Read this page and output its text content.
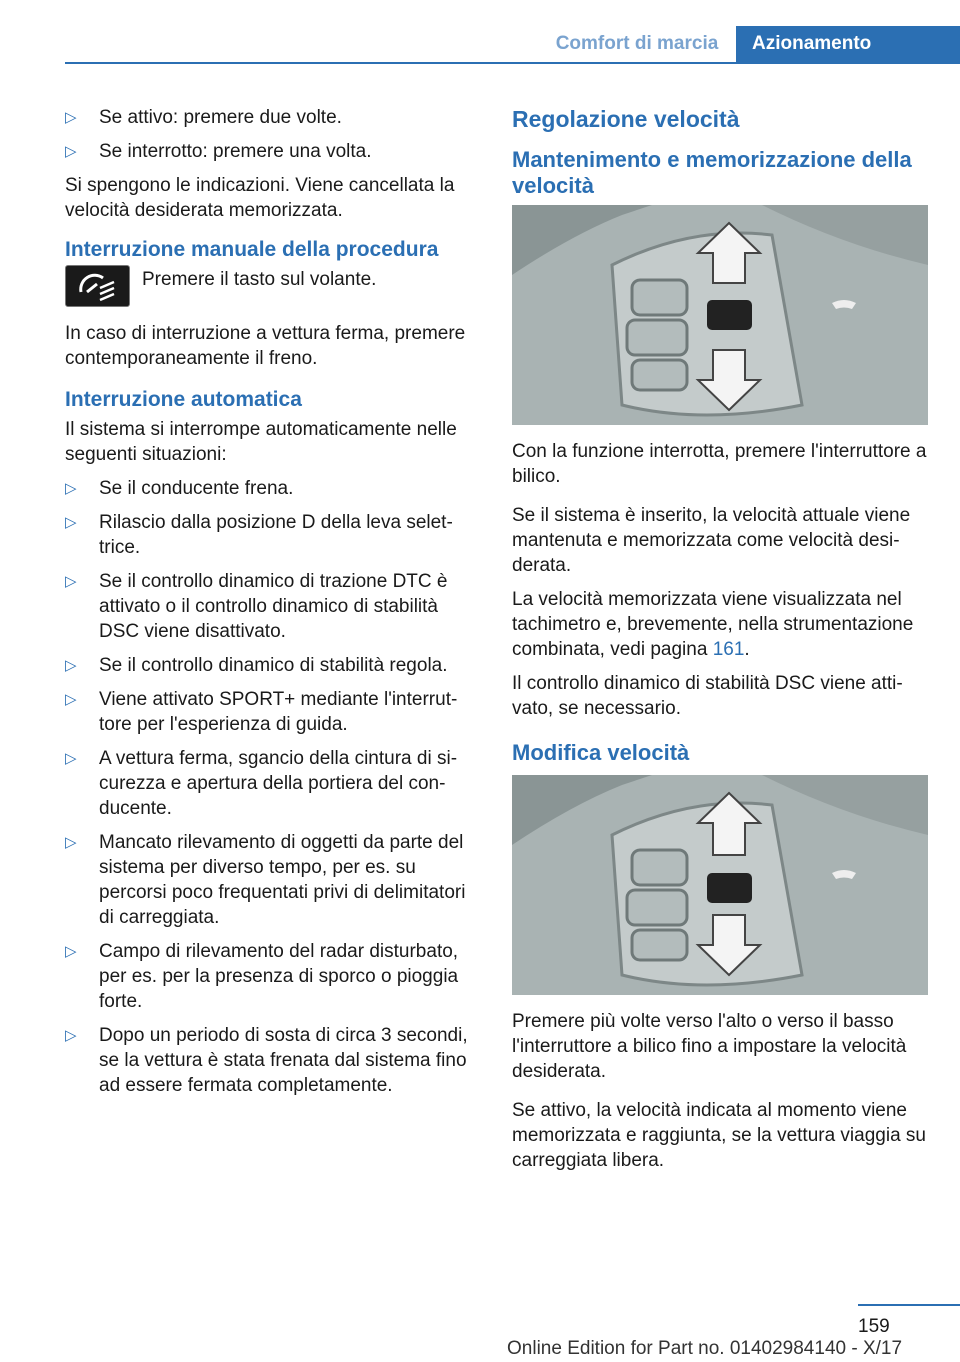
Comfort di marcia	Azionamento
▷ Se attivo: premere due volte.
▷ Se interrotto: premere una volta.

Si spengono le indicazioni. Viene cancellata la velocità desiderata memorizzata.

Interruzione manuale della procedura
Premere il tasto sul volante.

In caso di interruzione a vettura ferma, premere contemporaneamente il freno.

Interruzione automatica

Il sistema si interrompe automaticamente nelle seguenti situazioni:

▷ Se il conducente frena.
▷ Rilascio dalla posizione D della leva selettrice.
▷ Se il controllo dinamico di trazione DTC è attivato o il controllo dinamico di stabilità DSC viene disattivato.
▷ Se il controllo dinamico di stabilità regola.
▷ Viene attivato SPORT+ mediante l'interruttore per l'esperienza di guida.
▷ A vettura ferma, sgancio della cintura di sicurezza e apertura della portiera del conducente.
▷ Mancato rilevamento di oggetti da parte del sistema per diverso tempo, per es. su percorsi poco frequentati privi di delimitatori di carreggiata.
▷ Campo di rilevamento del radar disturbato, per es. per la presenza di sporco o pioggia forte.
▷ Dopo un periodo di sosta di circa 3 secondi, se la vettura è stata frenata dal sistema fino ad essere fermata completamente.
Regolazione velocità
Mantenimento e memorizzazione della velocità

Con la funzione interrotta, premere l'interruttore a bilico.

Se il sistema è inserito, la velocità attuale viene mantenuta e memorizzata come velocità desiderata.

La velocità memorizzata viene visualizzata nel tachimetro e, brevemente, nella strumentazione combinata, vedi pagina 161.

Il controllo dinamico di stabilità DSC viene attivato, se necessario.

Modifica velocità

Premere più volte verso l'alto o verso il basso l'interruttore a bilico fino a impostare la velocità desiderata.

Se attivo, la velocità indicata al momento viene memorizzata e raggiunta, se la vettura viaggia su carreggiata libera.

159
Online Edition for Part no. 01402984140 - X/17
